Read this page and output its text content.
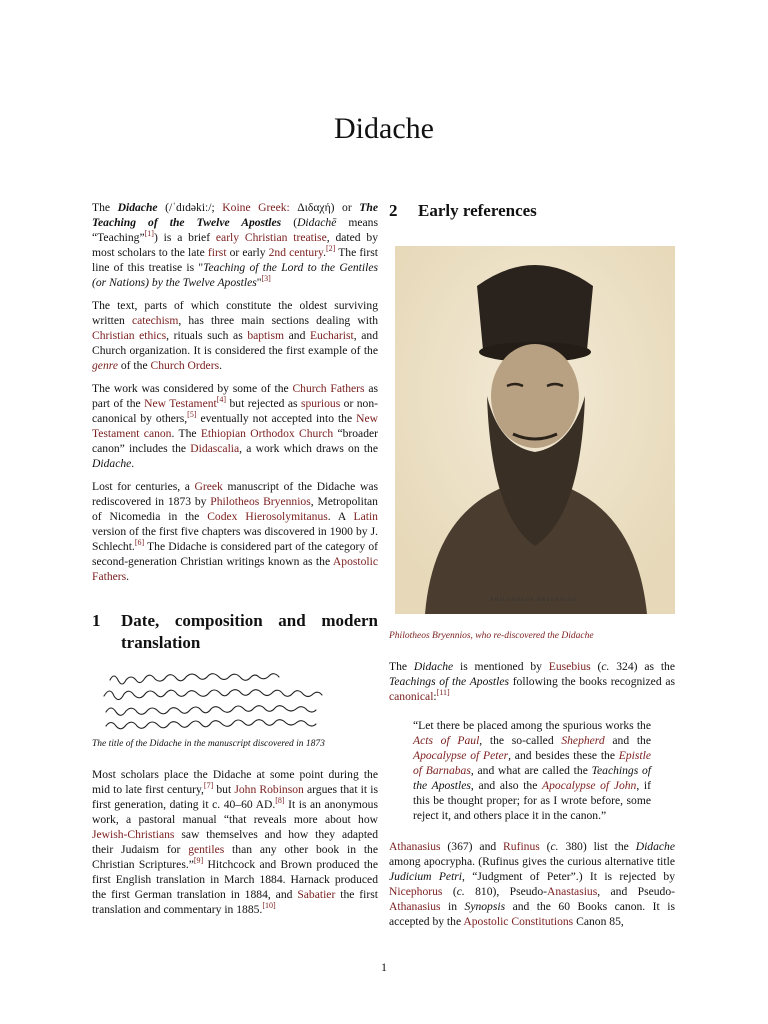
Didache

The Didache (/ˈdɪdəkiː/; Koine Greek: Διδαχή) or The Teaching of the Twelve Apostles (Didachē means “Teaching”[1]) is a brief early Christian treatise, dated by most scholars to the late first or early 2nd century.[2] The first line of this treatise is "Teaching of the Lord to the Gentiles (or Nations) by the Twelve Apostles"[3]

The text, parts of which constitute the oldest surviving written catechism, has three main sections dealing with Christian ethics, rituals such as baptism and Eucharist, and Church organization. It is considered the first example of the genre of the Church Orders.

The work was considered by some of the Church Fathers as part of the New Testament[4] but rejected as spurious or non-canonical by others,[5] eventually not accepted into the New Testament canon. The Ethiopian Orthodox Church “broader canon” includes the Didascalia, a work which draws on the Didache.

Lost for centuries, a Greek manuscript of the Didache was rediscovered in 1873 by Philotheos Bryennios, Metropolitan of Nicomedia in the Codex Hierosolymitanus. A Latin version of the first five chapters was discovered in 1900 by J. Schlecht.[6] The Didache is considered part of the category of second-generation Christian writings known as the Apostolic Fathers.

1	Date, composition and modern translation
The title of the Didache in the manuscript discovered in 1873

Most scholars place the Didache at some point during the mid to late first century,[7] but John Robinson argues that it is first generation, dating it c. 40–60 AD.[8] It is an anonymous work, a pastoral manual “that reveals more about how Jewish-Christians saw themselves and how they adapted their Judaism for gentiles than any other book in the Christian Scriptures.”[9] Hitchcock and Brown produced the first English translation in March 1884. Harnack produced the first German translation in 1884, and Sabatier the first translation and commentary in 1885.[10]

2	Early references
PHILOTHEOS BRYENNIOS.
Philotheos Bryennios, who re-discovered the Didache

The Didache is mentioned by Eusebius (c. 324) as the Teachings of the Apostles following the books recognized as canonical:[11]

“Let there be placed among the spurious works the Acts of Paul, the so-called Shepherd and the Apocalypse of Peter, and besides these the Epistle of Barnabas, and what are called the Teachings of the Apostles, and also the Apocalypse of John, if this be thought proper; for as I wrote before, some reject it, and others place it in the canon.”

Athanasius (367) and Rufinus (c. 380) list the Didache among apocrypha. (Rufinus gives the curious alternative title Judicium Petri, “Judgment of Peter”.) It is rejected by Nicephorus (c. 810), Pseudo-Anastasius, and Pseudo-Athanasius in Synopsis and the 60 Books canon. It is accepted by the Apostolic Constitutions Canon 85,

1
